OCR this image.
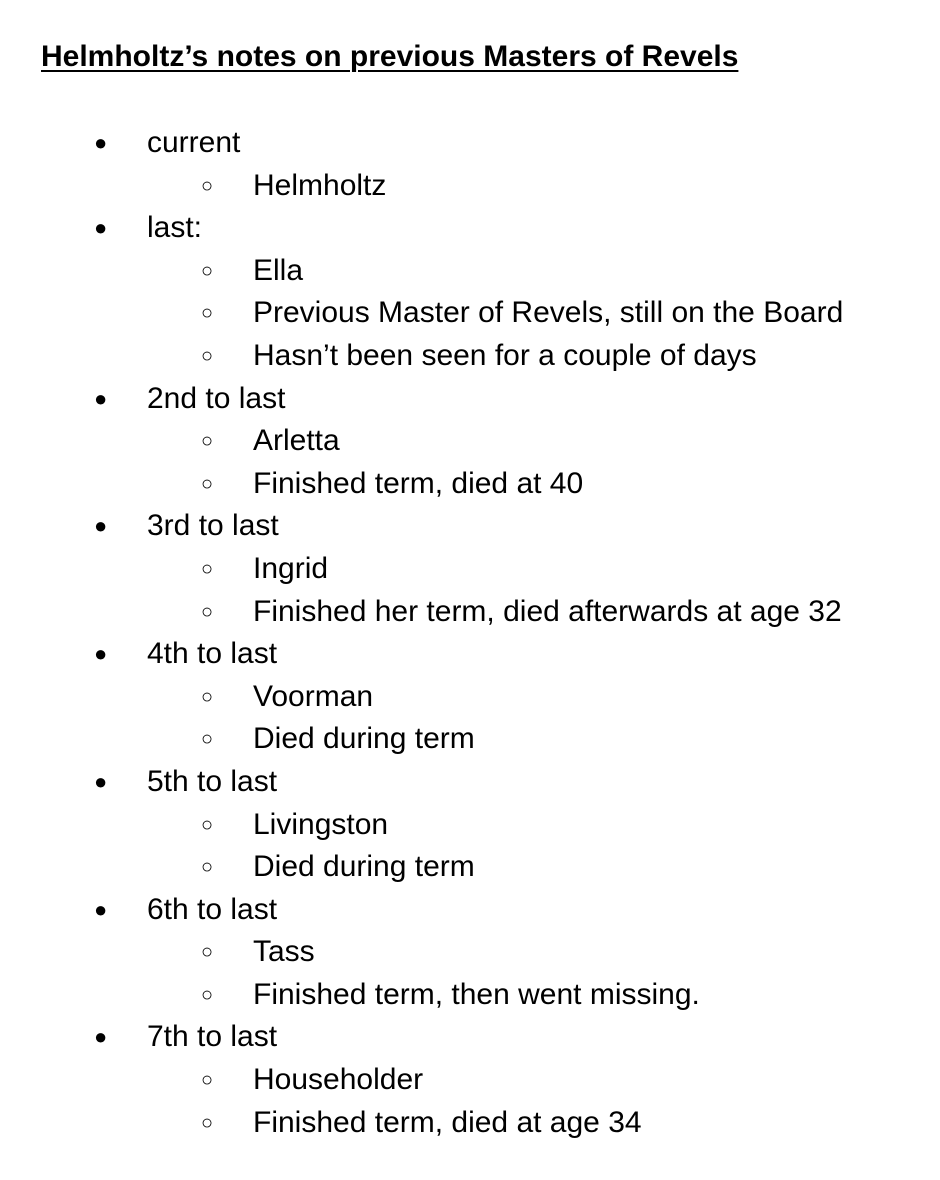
Helmholtz’s notes on previous Masters of Revels
● current
○ Helmholtz
● last:
○ Ella
○ Previous Master of Revels, still on the Board
○ Hasn’t been seen for a couple of days
● 2nd to last
○ Arletta
○ Finished term, died at 40
● 3rd to last
○ Ingrid
○ Finished her term, died afterwards at age 32
● 4th to last
○ Voorman
○ Died during term
● 5th to last
○ Livingston
○ Died during term
● 6th to last
○ Tass
○ Finished term, then went missing.
● 7th to last
○ Householder
○ Finished term, died at age 34
